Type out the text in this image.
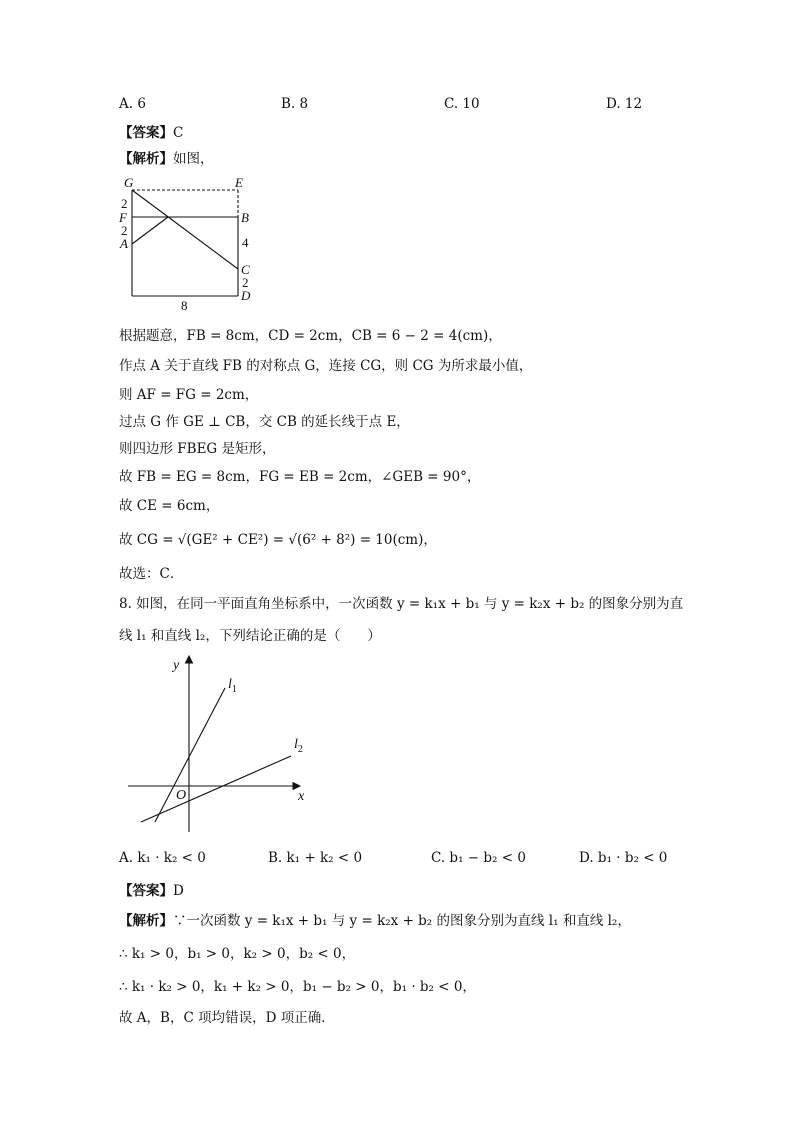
A. 6	B. 8	C. 10	D. 12
【答案】C
【解析】如图，
G	E
F	B
A
C
D
2
2
4
2
8
根据题意，FB = 8cm，CD = 2cm，CB = 6 − 2 = 4(cm)，
作点 A 关于直线 FB 的对称点 G，连接 CG，则 CG 为所求最小值，
则 AF = FG = 2cm，
过点 G 作 GE ⊥ CB，交 CB 的延长线于点 E，
则四边形 FBEG 是矩形，
故 FB = EG = 8cm，FG = EB = 2cm，∠GEB = 90°，
故 CE = 6cm，
故 CG = √(GE² + CE²) = √(6² + 8²) = 10(cm)，
故选：C．
8. 如图，在同一平面直角坐标系中，一次函数 y = k₁x + b₁ 与 y = k₂x + b₂ 的图象分别为直
线 l₁ 和直线 l₂，下列结论正确的是（　　）
y
x
O
$l_1$
$l_2$
A. k₁ · k₂ < 0	B. k₁ + k₂ < 0	C. b₁ − b₂ < 0	D. b₁ · b₂ < 0
【答案】D
【解析】∵一次函数 y = k₁x + b₁ 与 y = k₂x + b₂ 的图象分别为直线 l₁ 和直线 l₂，
∴ k₁ > 0，b₁ > 0，k₂ > 0，b₂ < 0，
∴ k₁ · k₂ > 0，k₁ + k₂ > 0，b₁ − b₂ > 0，b₁ · b₂ < 0，
故 A，B，C 项均错误，D 项正确．
